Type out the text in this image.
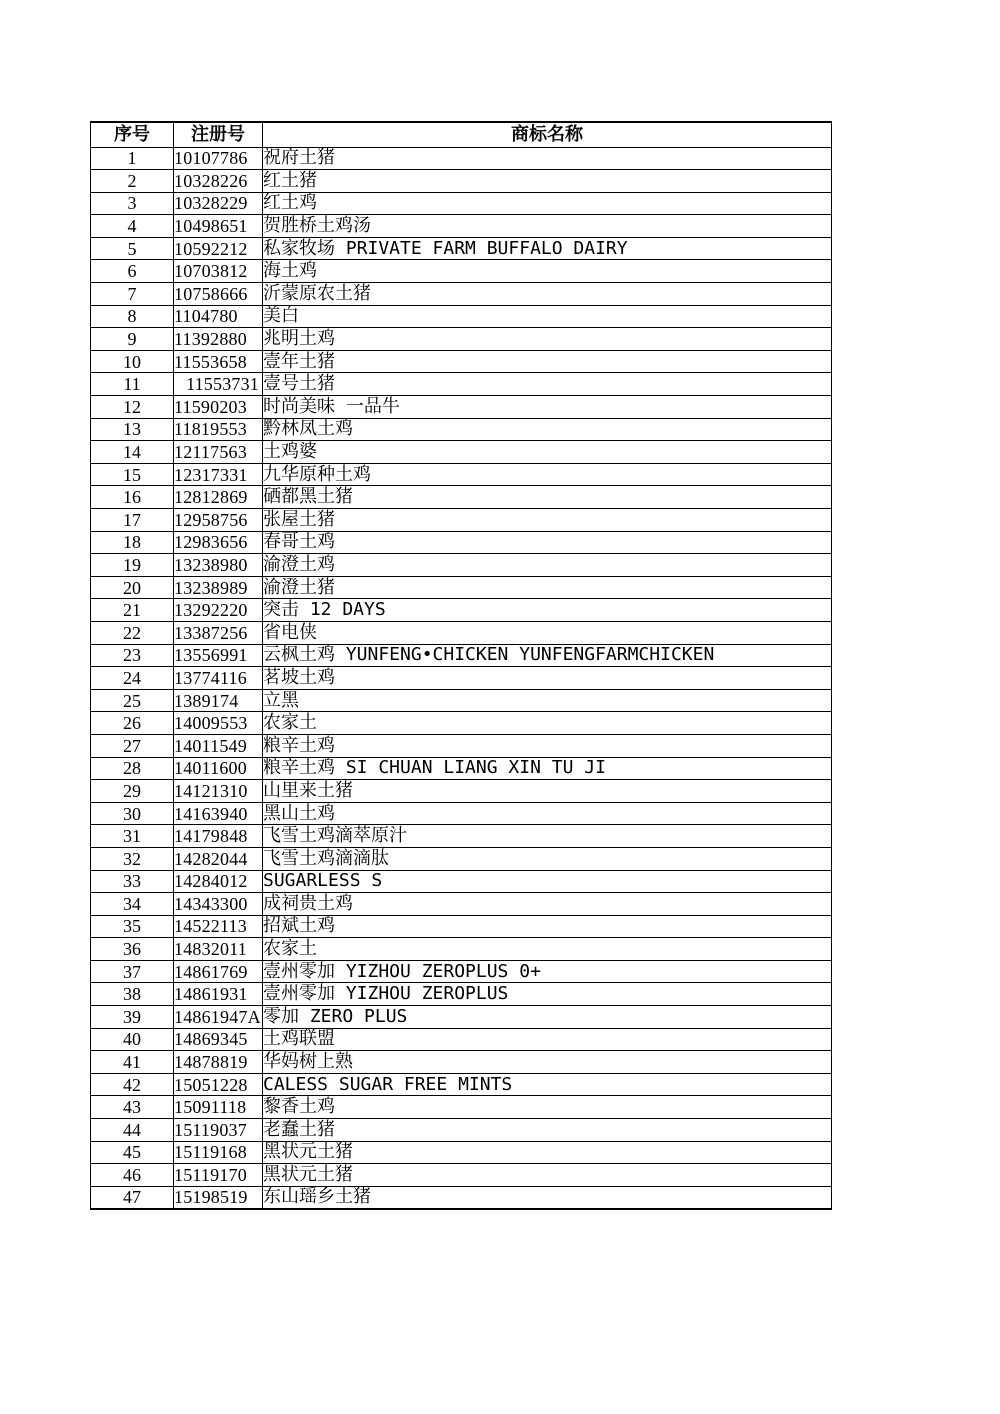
序号	注册号	商标名称
1	10107786	祝府土猪
2	10328226	红土猪
3	10328229	红土鸡
4	10498651	贺胜桥土鸡汤
5	10592212	私家牧场 PRIVATE FARM BUFFALO DAIRY
6	10703812	海土鸡
7	10758666	沂蒙原农土猪
8	1104780	美白
9	11392880	兆明土鸡
10	11553658	壹年土猪
11	11553731	壹号土猪
12	11590203	时尚美味 一品牛
13	11819553	黔林凤土鸡
14	12117563	土鸡婆
15	12317331	九华原种土鸡
16	12812869	硒都黑土猪
17	12958756	张屋土猪
18	12983656	春哥土鸡
19	13238980	渝澄土鸡
20	13238989	渝澄土猪
21	13292220	突击 12 DAYS
22	13387256	省电侠
23	13556991	云枫土鸡 YUNFENG•CHICKEN YUNFENGFARMCHICKEN
24	13774116	茗坡土鸡
25	1389174	立黑
26	14009553	农家土
27	14011549	粮辛土鸡
28	14011600	粮辛土鸡 SI CHUAN LIANG XIN TU JI
29	14121310	山里来土猪
30	14163940	黑山土鸡
31	14179848	飞雪土鸡滴萃原汁
32	14282044	飞雪土鸡滴滴肽
33	14284012	SUGARLESS S
34	14343300	成祠贵土鸡
35	14522113	招斌土鸡
36	14832011	农家土
37	14861769	壹州零加 YIZHOU ZEROPLUS 0+
38	14861931	壹州零加 YIZHOU ZEROPLUS
39	14861947A	零加 ZERO PLUS
40	14869345	土鸡联盟
41	14878819	华妈树上熟
42	15051228	CALESS SUGAR FREE MINTS
43	15091118	黎香土鸡
44	15119037	老蠢土猪
45	15119168	黑状元土猪
46	15119170	黑状元土猪
47	15198519	东山瑶乡土猪
